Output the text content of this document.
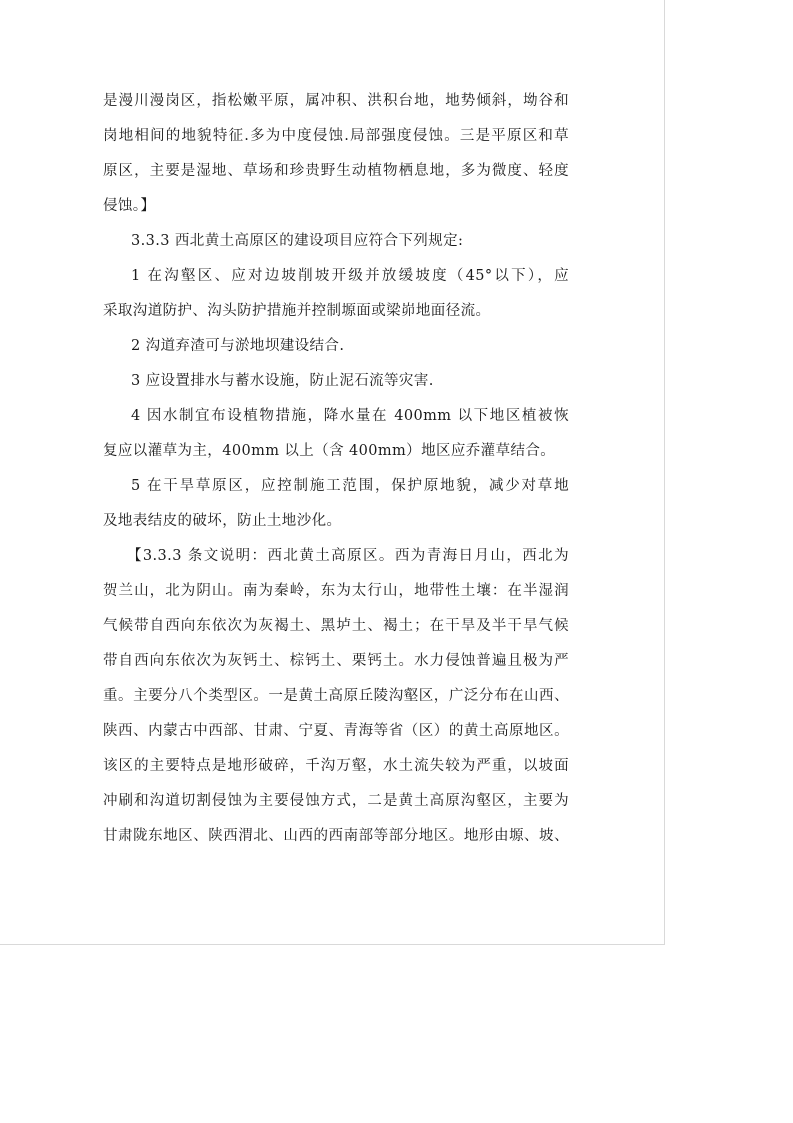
是漫川漫岗区，指松嫩平原，属冲积、洪积台地，地势倾斜，坳谷和
岗地相间的地貌特征.多为中度侵蚀.局部强度侵蚀。三是平原区和草
原区，主要是湿地、草场和珍贵野生动植物栖息地，多为微度、轻度
侵蚀。】
3.3.3 西北黄土高原区的建设项目应符合下列规定:
1 在沟壑区、应对边坡削坡开级并放缓坡度（45°以下），应
采取沟道防护、沟头防护措施并控制塬面或梁峁地面径流。
2 沟道弃渣可与淤地坝建设结合.
3 应设置排水与蓄水设施，防止泥石流等灾害.
4 因水制宜布设植物措施，降水量在 400mm 以下地区植被恢
复应以灌草为主，400mm 以上（含 400mm）地区应乔灌草结合。
5 在干旱草原区，应控制施工范围，保护原地貌，减少对草地
及地表结皮的破坏，防止土地沙化。
【3.3.3 条文说明：西北黄土高原区。西为青海日月山，西北为
贺兰山，北为阴山。南为秦岭，东为太行山，地带性土壤：在半湿润
气候带自西向东依次为灰褐土、黑垆土、褐土；在干旱及半干旱气候
带自西向东依次为灰钙土、棕钙土、栗钙土。水力侵蚀普遍且极为严
重。主要分八个类型区。一是黄土高原丘陵沟壑区，广泛分布在山西、
陕西、内蒙古中西部、甘肃、宁夏、青海等省（区）的黄土高原地区。
该区的主要特点是地形破碎，千沟万壑，水土流失较为严重，以坡面
冲刷和沟道切割侵蚀为主要侵蚀方式，二是黄土高原沟壑区，主要为
甘肃陇东地区、陕西渭北、山西的西南部等部分地区。地形由塬、坡、
